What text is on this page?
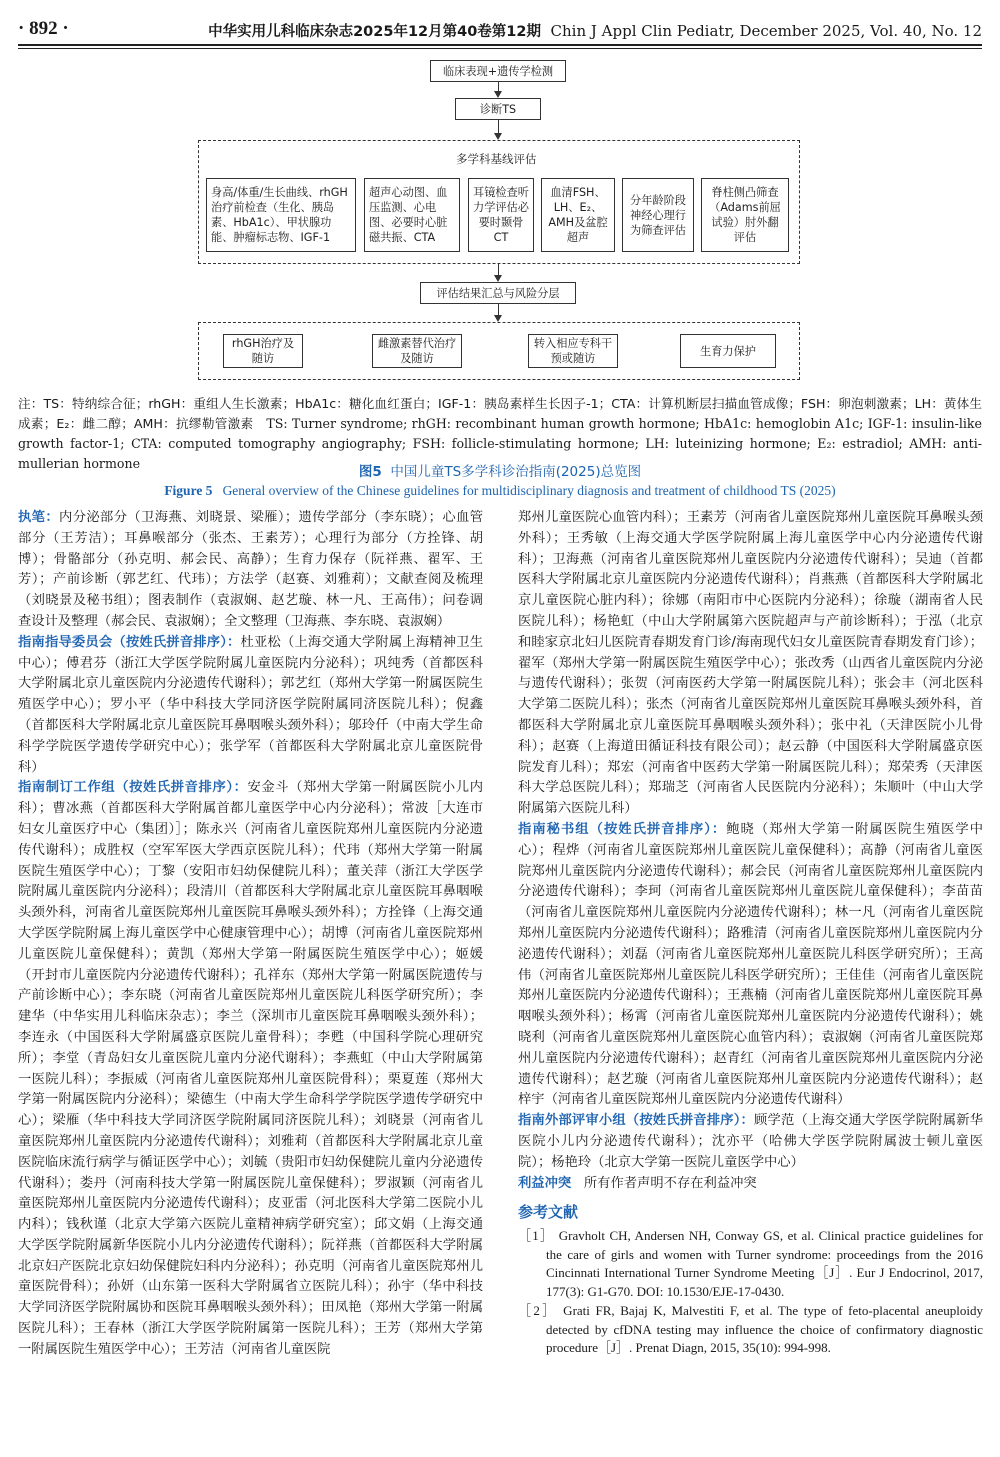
· 892 ·	中华实用儿科临床杂志2025年12月第40卷第12期 Chin J Appl Clin Pediatr, December 2025, Vol. 40, No. 12
临床表现+遗传学检测
诊断TS
多学科基线评估
身高/体重/生长曲线、rhGH治疗前检查（生化、胰岛素、HbA1c）、甲状腺功能、肿瘤标志物、IGF-1
超声心动图、血压监测、心电图、必要时心脏磁共振、CTA
耳镜检查听力学评估必要时颞骨CT
血清FSH、LH、E₂、AMH及盆腔超声
分年龄阶段神经心理行为筛查评估
脊柱侧凸筛查（Adams前屈试验）肘外翻评估
评估结果汇总与风险分层
rhGH治疗及随访
雌激素替代治疗及随访
转入相应专科干预或随访
生育力保护
注：TS：特纳综合征；rhGH：重组人生长激素；HbA1c：糖化血红蛋白；IGF-1：胰岛素样生长因子-1；CTA：计算机断层扫描血管成像；FSH：卵泡刺激素；LH：黄体生成素；E₂：雌二醇；AMH：抗缪勒管激素 TS: Turner syndrome; rhGH: recombinant human growth hormone; HbA1c: hemoglobin A1c; IGF-1: insulin-like growth factor-1; CTA: computed tomography angiography; FSH: follicle-stimulating hormone; LH: luteinizing hormone; E₂: estradiol; AMH: anti-mullerian hormone
图5 中国儿童TS多学科诊治指南(2025)总览图
Figure 5 General overview of the Chinese guidelines for multidisciplinary diagnosis and treatment of childhood TS (2025)

执笔：内分泌部分（卫海燕、刘晓景、梁雁）；遗传学部分（李东晓）；心血管部分（王芳洁）；耳鼻喉部分（张杰、王素芳）；心理行为部分（方拴锋、胡博）；骨骼部分（孙克明、郝会民、高静）；生育力保存（阮祥燕、翟军、王芳）；产前诊断（郭艺红、代玮）；方法学（赵赛、刘雅莉）；文献查阅及梳理（刘晓景及秘书组）；图表制作（袁淑娴、赵艺璇、林一凡、王高伟）；问卷调查设计及整理（郝会民、袁淑娴）；全文整理（卫海燕、李东晓、袁淑娴）

指南指导委员会（按姓氏拼音排序）：杜亚松（上海交通大学附属上海精神卫生中心）；傅君芬（浙江大学医学院附属儿童医院内分泌科）；巩纯秀（首都医科大学附属北京儿童医院内分泌遗传代谢科）；郭艺红（郑州大学第一附属医院生殖医学中心）；罗小平（华中科技大学同济医学院附属同济医院儿科）；倪鑫（首都医科大学附属北京儿童医院耳鼻咽喉头颈外科）；邬玲仟（中南大学生命科学学院医学遗传学研究中心）；张学军（首都医科大学附属北京儿童医院骨科）

指南制订工作组（按姓氏拼音排序）：安金斗（郑州大学第一附属医院小儿内科）；曹冰燕（首都医科大学附属首都儿童医学中心内分泌科）；常波［大连市妇女儿童医疗中心（集团）］；陈永兴（河南省儿童医院郑州儿童医院内分泌遗传代谢科）；成胜权（空军军医大学西京医院儿科）；代玮（郑州大学第一附属医院生殖医学中心）；丁黎（安阳市妇幼保健院儿科）；董关萍（浙江大学医学院附属儿童医院内分泌科）；段清川（首都医科大学附属北京儿童医院耳鼻咽喉头颈外科，河南省儿童医院郑州儿童医院耳鼻喉头颈外科）；方拴锋（上海交通大学医学院附属上海儿童医学中心健康管理中心）；胡博（河南省儿童医院郑州儿童医院儿童保健科）；黄凯（郑州大学第一附属医院生殖医学中心）；姬媛（开封市儿童医院内分泌遗传代谢科）；孔祥东（郑州大学第一附属医院遗传与产前诊断中心）；李东晓（河南省儿童医院郑州儿童医院儿科医学研究所）；李建华（中华实用儿科临床杂志）；李兰（深圳市儿童医院耳鼻咽喉头颈外科）；李连永（中国医科大学附属盛京医院儿童骨科）；李甦（中国科学院心理研究所）；李堂（青岛妇女儿童医院儿童内分泌代谢科）；李燕虹（中山大学附属第一医院儿科）；李振威（河南省儿童医院郑州儿童医院骨科）；栗夏莲（郑州大学第一附属医院内分泌科）；梁德生（中南大学生命科学学院医学遗传学研究中心）；梁雁（华中科技大学同济医学院附属同济医院儿科）；刘晓景（河南省儿童医院郑州儿童医院内分泌遗传代谢科）；刘雅莉（首都医科大学附属北京儿童医院临床流行病学与循证医学中心）；刘毓（贵阳市妇幼保健院儿童内分泌遗传代谢科）；娄丹（河南科技大学第一附属医院儿童保健科）；罗淑颖（河南省儿童医院郑州儿童医院内分泌遗传代谢科）；皮亚雷（河北医科大学第二医院小儿内科）；钱秋谨（北京大学第六医院儿童精神病学研究室）；邱文娟（上海交通大学医学院附属新华医院小儿内分泌遗传代谢科）；阮祥燕（首都医科大学附属北京妇产医院北京妇幼保健院妇科内分泌科）；孙克明（河南省儿童医院郑州儿童医院骨科）；孙妍（山东第一医科大学附属省立医院儿科）；孙宇（华中科技大学同济医学院附属协和医院耳鼻咽喉头颈外科）；田凤艳（郑州大学第一附属医院儿科）；王春林（浙江大学医学院附属第一医院儿科）；王芳（郑州大学第一附属医院生殖医学中心）；王芳洁（河南省儿童医院

郑州儿童医院心血管内科）；王素芳（河南省儿童医院郑州儿童医院耳鼻喉头颈外科）；王秀敏（上海交通大学医学院附属上海儿童医学中心内分泌遗传代谢科）；卫海燕（河南省儿童医院郑州儿童医院内分泌遗传代谢科）；吴迪（首都医科大学附属北京儿童医院内分泌遗传代谢科）；肖燕燕（首都医科大学附属北京儿童医院心脏内科）；徐娜（南阳市中心医院内分泌科）；徐璇（湖南省人民医院儿科）；杨艳虹（中山大学附属第六医院超声与产前诊断科）；于泓（北京和睦家京北妇儿医院青春期发育门诊/海南现代妇女儿童医院青春期发育门诊）；翟军（郑州大学第一附属医院生殖医学中心）；张改秀（山西省儿童医院内分泌与遗传代谢科）；张贺（河南医药大学第一附属医院儿科）；张会丰（河北医科大学第二医院儿科）；张杰（河南省儿童医院郑州儿童医院耳鼻喉头颈外科，首都医科大学附属北京儿童医院耳鼻咽喉头颈外科）；张中礼（天津医院小儿骨科）；赵赛（上海道田循证科技有限公司）；赵云静（中国医科大学附属盛京医院发育儿科）；郑宏（河南省中医药大学第一附属医院儿科）；郑荣秀（天津医科大学总医院儿科）；郑瑞芝（河南省人民医院内分泌科）；朱顺叶（中山大学附属第六医院儿科）

指南秘书组（按姓氏拼音排序）：鲍晓（郑州大学第一附属医院生殖医学中心）；程烨（河南省儿童医院郑州儿童医院儿童保健科）；高静（河南省儿童医院郑州儿童医院内分泌遗传代谢科）；郝会民（河南省儿童医院郑州儿童医院内分泌遗传代谢科）；李珂（河南省儿童医院郑州儿童医院儿童保健科）；李苗苗（河南省儿童医院郑州儿童医院内分泌遗传代谢科）；林一凡（河南省儿童医院郑州儿童医院内分泌遗传代谢科）；路雅清（河南省儿童医院郑州儿童医院内分泌遗传代谢科）；刘磊（河南省儿童医院郑州儿童医院儿科医学研究所）；王高伟（河南省儿童医院郑州儿童医院儿科医学研究所）；王佳佳（河南省儿童医院郑州儿童医院内分泌遗传代谢科）；王燕楠（河南省儿童医院郑州儿童医院耳鼻咽喉头颈外科）；杨霄（河南省儿童医院郑州儿童医院内分泌遗传代谢科）；姚晓利（河南省儿童医院郑州儿童医院心血管内科）；袁淑娴（河南省儿童医院郑州儿童医院内分泌遗传代谢科）；赵青红（河南省儿童医院郑州儿童医院内分泌遗传代谢科）；赵艺璇（河南省儿童医院郑州儿童医院内分泌遗传代谢科）；赵梓宇（河南省儿童医院郑州儿童医院内分泌遗传代谢科）

指南外部评审小组（按姓氏拼音排序）：顾学范（上海交通大学医学院附属新华医院小儿内分泌遗传代谢科）；沈亦平（哈佛大学医学院附属波士顿儿童医院）；杨艳玲（北京大学第一医院儿童医学中心）

利益冲突 所有作者声明不存在利益冲突

参考文献
［1］ Gravholt CH, Andersen NH, Conway GS, et al. Clinical practice guidelines for the care of girls and women with Turner syndrome: proceedings from the 2016 Cincinnati International Turner Syndrome Meeting［J］. Eur J Endocrinol, 2017, 177(3): G1-G70. DOI: 10.1530/EJE-17-0430.
［2］ Grati FR, Bajaj K, Malvestiti F, et al. The type of feto-placental aneuploidy detected by cfDNA testing may influence the choice of confirmatory diagnostic procedure［J］. Prenat Diagn, 2015, 35(10): 994-998.
